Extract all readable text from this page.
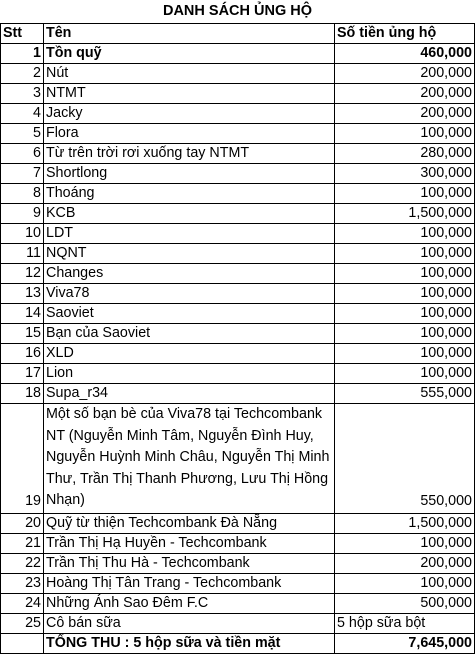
DANH SÁCH ỦNG HỘ
Stt	Tên	Số tiền ủng hộ
1	Tồn quỹ	460,000
2	Nút	200,000
3	NTMT	200,000
4	Jacky	200,000
5	Flora	100,000
6	Từ trên trời rơi xuống tay NTMT	280,000
7	Shortlong	300,000
8	Thoáng	100,000
9	KCB	1,500,000
10	LDT	100,000
11	NQNT	100,000
12	Changes	100,000
13	Viva78	100,000
14	Saoviet	100,000
15	Bạn của Saoviet	100,000
16	XLD	100,000
17	Lion	100,000
18	Supa_r34	555,000
19	Một số bạn bè của Viva78 tại Techcombank NT (Nguyễn Minh Tâm, Nguyễn Đình Huy, Nguyễn Huỳnh Minh Châu, Nguyễn Thị Minh Thư, Trần Thị Thanh Phương, Lưu Thị Hồng Nhạn)	550,000
20	Quỹ từ thiện Techcombank Đà Nẵng	1,500,000
21	Trần Thị Hạ Huyền - Techcombank	100,000
22	Trần Thị Thu Hà - Techcombank	200,000
23	Hoàng Thị Tân Trang - Techcombank	100,000
24	Những Ánh Sao Đêm F.C	500,000
25	Cô bán sữa	5 hộp sữa bột
	TỔNG THU : 5 hộp sữa và tiền mặt	7,645,000
